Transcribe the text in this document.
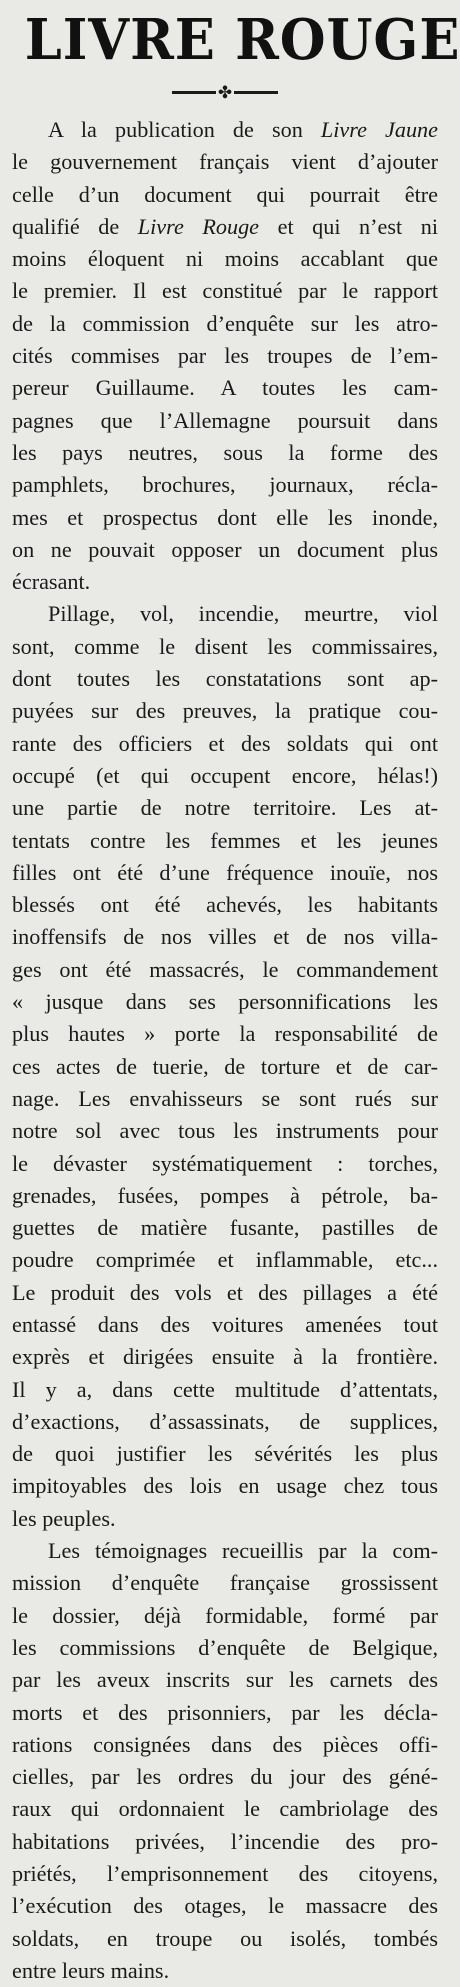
LIVRE ROUGE
✤

A la publication de son Livre Jaune
le gouvernement français vient d’ajouter
celle d’un document qui pourrait être
qualifié de Livre Rouge et qui n’est ni
moins éloquent ni moins accablant que
le premier. Il est constitué par le rapport
de la commission d’enquête sur les atro-
cités commises par les troupes de l’em-
pereur Guillaume. A toutes les cam-
pagnes que l’Allemagne poursuit dans
les pays neutres, sous la forme des
pamphlets, brochures, journaux, récla-
mes et prospectus dont elle les inonde,
on ne pouvait opposer un document plus
écrasant.

Pillage, vol, incendie, meurtre, viol
sont, comme le disent les commissaires,
dont toutes les constatations sont ap-
puyées sur des preuves, la pratique cou-
rante des officiers et des soldats qui ont
occupé (et qui occupent encore, hélas!)
une partie de notre territoire. Les at-
tentats contre les femmes et les jeunes
filles ont été d’une fréquence inouïe, nos
blessés ont été achevés, les habitants
inoffensifs de nos villes et de nos villa-
ges ont été massacrés, le commandement
« jusque dans ses personnifications les
plus hautes » porte la responsabilité de
ces actes de tuerie, de torture et de car-
nage. Les envahisseurs se sont rués sur
notre sol avec tous les instruments pour
le dévaster systématiquement : torches,
grenades, fusées, pompes à pétrole, ba-
guettes de matière fusante, pastilles de
poudre comprimée et inflammable, etc...
Le produit des vols et des pillages a été
entassé dans des voitures amenées tout
exprès et dirigées ensuite à la frontière.
Il y a, dans cette multitude d’attentats,
d’exactions, d’assassinats, de supplices,
de quoi justifier les sévérités les plus
impitoyables des lois en usage chez tous
les peuples.

Les témoignages recueillis par la com-
mission d’enquête française grossissent
le dossier, déjà formidable, formé par
les commissions d’enquête de Belgique,
par les aveux inscrits sur les carnets des
morts et des prisonniers, par les décla-
rations consignées dans des pièces offi-
cielles, par les ordres du jour des géné-
raux qui ordonnaient le cambriolage des
habitations privées, l’incendie des pro-
priétés, l’emprisonnement des citoyens,
l’exécution des otages, le massacre des
soldats, en troupe ou isolés, tombés
entre leurs mains.
